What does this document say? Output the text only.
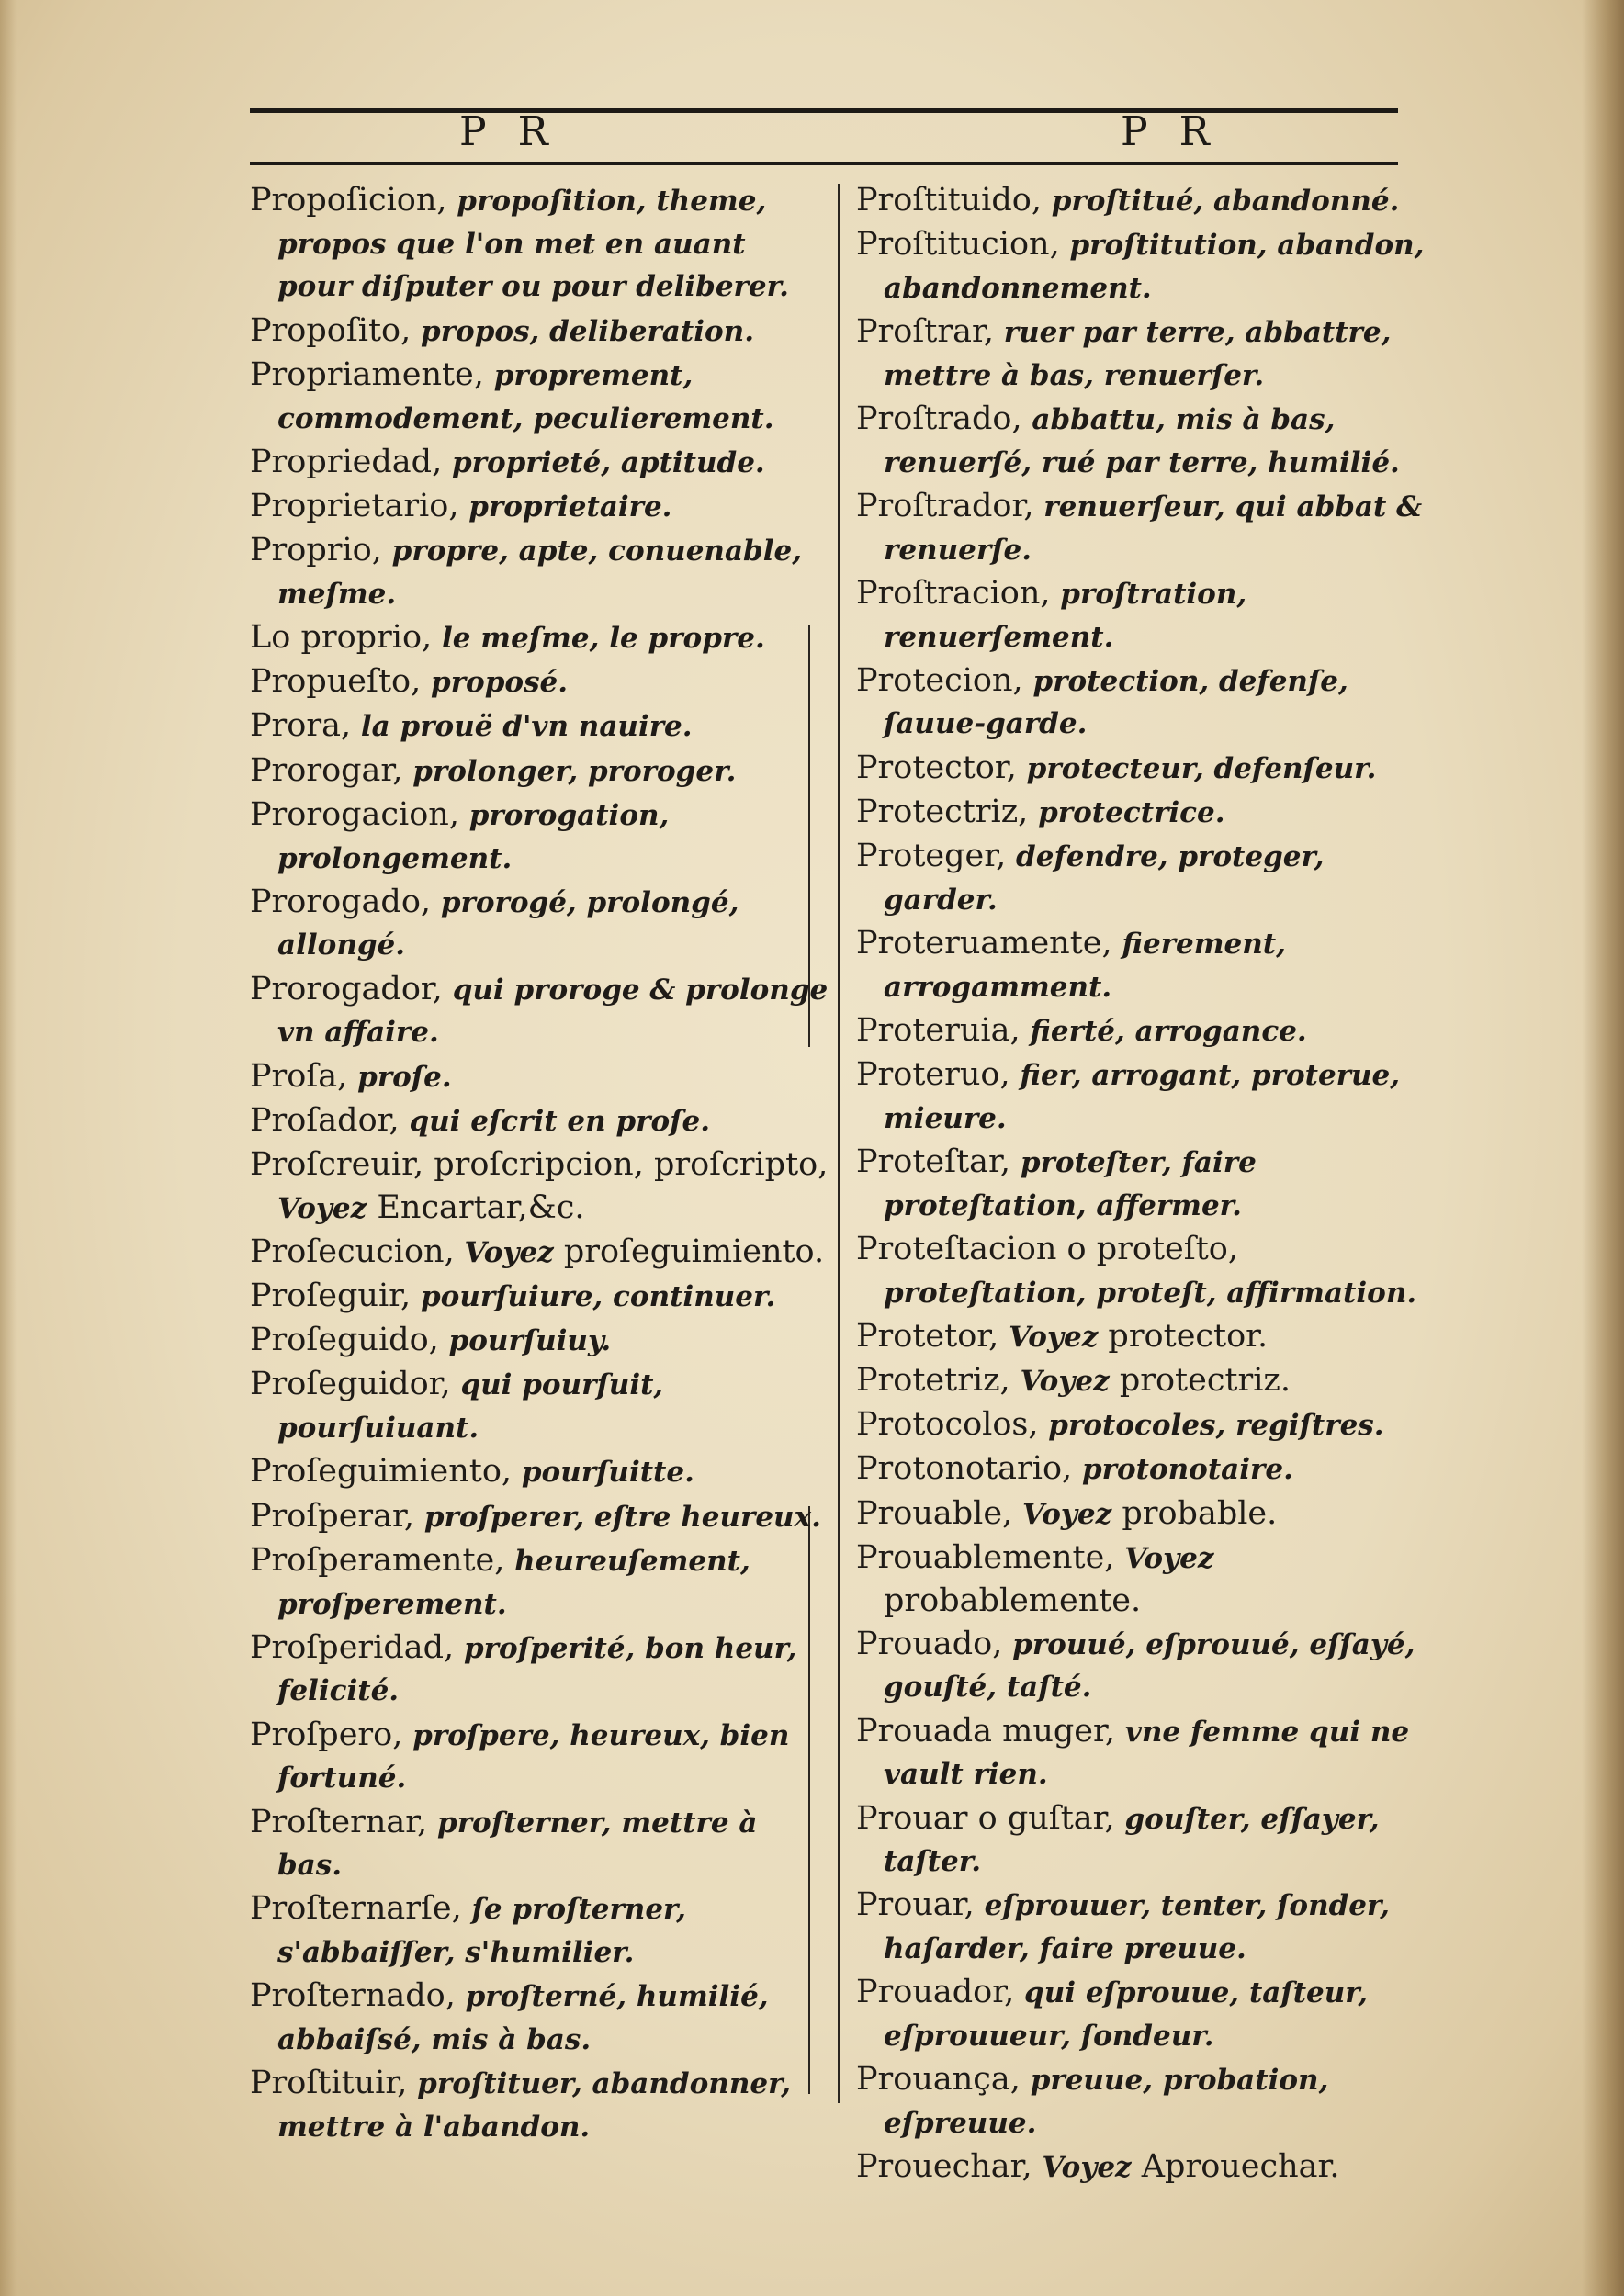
P R	P R
Propoſicion, propoſition, theme, propos que l'on met en auant pour diſputer ou pour deliberer.
Propoſito, propos, deliberation.
Propriamente, proprement, commodement, peculierement.
Propriedad, proprieté, aptitude.
Proprietario, proprietaire.
Proprio, propre, apte, conuenable, meſme.
Lo proprio, le meſme, le propre.
Propueſto, proposé.
Prora, la prouë d'vn nauire.
Prorogar, prolonger, proroger.
Prorogacion, prorogation, prolongement.
Prorogado, prorogé, prolongé, allongé.
Prorogador, qui proroge & prolonge vn affaire.
Proſa, proſe.
Proſador, qui eſcrit en proſe.
Proſcreuir, proſcripcion, proſcripto, Voyez Encartar,&c.
Proſecucion, Voyez proſeguimiento.
Proſeguir, pourſuiure, continuer.
Proſeguido, pourſuiuy.
Proſeguidor, qui pourſuit, pourſuiuant.
Proſeguimiento, pourſuitte.
Proſperar, proſperer, eſtre heureux.
Proſperamente, heureuſement, proſperement.
Proſperidad, proſperité, bon heur, felicité.
Proſpero, proſpere, heureux, bien fortuné.
Proſternar, proſterner, mettre à bas.
Proſternarſe, ſe proſterner, s'abbaiſſer, s'humilier.
Proſternado, proſterné, humilié, abbaiſsé, mis à bas.
Proſtituir, proſtituer, abandonner, mettre à l'abandon.
Proſtituido, proſtitué, abandonné.
Proſtitucion, proſtitution, abandon, abandonnement.
Proſtrar, ruer par terre, abbattre, mettre à bas, renuerſer.
Proſtrado, abbattu, mis à bas, renuerſé, rué par terre, humilié.
Proſtrador, renuerſeur, qui abbat & renuerſe.
Proſtracion, proſtration, renuerſement.
Protecion, protection, defenſe, ſauue-garde.
Protector, protecteur, defenſeur.
Protectriz, protectrice.
Proteger, defendre, proteger, garder.
Proteruamente, fierement, arrogamment.
Proteruia, fierté, arrogance.
Proteruo, fier, arrogant, proterue, mieure.
Proteſtar, proteſter, faire proteſtation, affermer.
Proteſtacion o proteſto, proteſtation, proteſt, affirmation.
Protetor, Voyez protector.
Protetriz, Voyez protectriz.
Protocolos, protocoles, regiſtres.
Protonotario, protonotaire.
Prouable, Voyez probable.
Prouablemente, Voyez probablemente.
Prouado, prouué, eſprouué, eſſayé, gouſté, taſté.
Prouada muger, vne femme qui ne vault rien.
Prouar o guſtar, gouſter, eſſayer, taſter.
Prouar, eſprouuer, tenter, ſonder, haſarder, faire preuue.
Prouador, qui eſprouue, taſteur, eſprouueur, ſondeur.
Prouança, preuue, probation, eſpreuue.
Prouechar, Voyez Aprouechar.
